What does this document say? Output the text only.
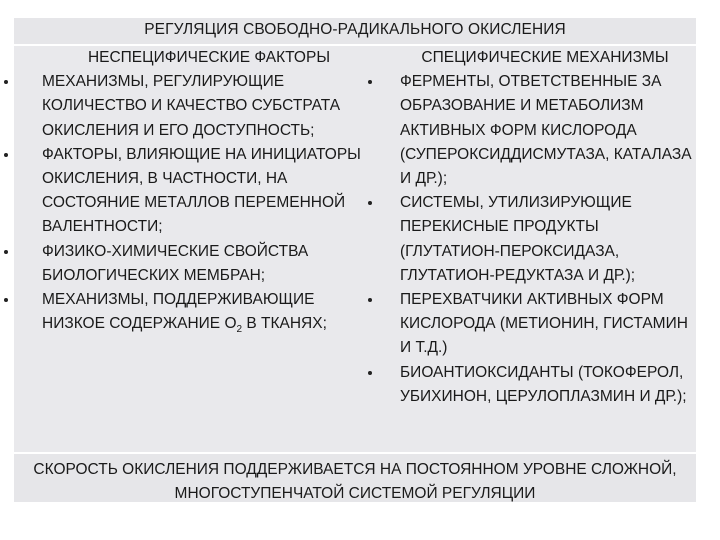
РЕГУЛЯЦИЯ СВОБОДНО-РАДИКАЛЬНОГО ОКИСЛЕНИЯ
НЕСПЕЦИФИЧЕСКИЕ ФАКТОРЫ
МЕХАНИЗМЫ, РЕГУЛИРУЮЩИЕ КОЛИЧЕСТВО И КАЧЕСТВО СУБСТРАТА ОКИСЛЕНИЯ И ЕГО ДОСТУПНОСТЬ;
ФАКТОРЫ, ВЛИЯЮЩИЕ НА ИНИЦИАТОРЫ ОКИСЛЕНИЯ, В ЧАСТНОСТИ, НА СОСТОЯНИЕ МЕТАЛЛОВ ПЕРЕМЕННОЙ ВАЛЕНТНОСТИ;
ФИЗИКО-ХИМИЧЕСКИЕ СВОЙСТВА БИОЛОГИЧЕСКИХ МЕМБРАН;
МЕХАНИЗМЫ, ПОДДЕРЖИВАЮЩИЕ НИЗКОЕ СОДЕРЖАНИЕ $О_2$ В ТКАНЯХ;
СПЕЦИФИЧЕСКИЕ МЕХАНИЗМЫ
ФЕРМЕНТЫ, ОТВЕТСТВЕННЫЕ ЗА ОБРАЗОВАНИЕ И МЕТАБОЛИЗМ АКТИВНЫХ ФОРМ КИСЛОРОДА (СУПЕРОКСИДДИСМУТАЗА, КАТАЛАЗА И ДР.);
СИСТЕМЫ, УТИЛИЗИРУЮЩИЕ ПЕРЕКИСНЫЕ ПРОДУКТЫ (ГЛУТАТИОН-ПЕРОКСИДАЗА, ГЛУТАТИОН-РЕДУКТАЗА И ДР.);
ПЕРЕХВАТЧИКИ АКТИВНЫХ ФОРМ КИСЛОРОДА (МЕТИОНИН, ГИСТАМИН И Т.Д.)
БИОАНТИОКСИДАНТЫ (ТОКОФЕРОЛ, УБИХИНОН, ЦЕРУЛОПЛАЗМИН И ДР.);
СКОРОСТЬ ОКИСЛЕНИЯ ПОДДЕРЖИВАЕТСЯ НА ПОСТОЯННОМ УРОВНЕ СЛОЖНОЙ, МНОГОСТУПЕНЧАТОЙ СИСТЕМОЙ РЕГУЛЯЦИИ
